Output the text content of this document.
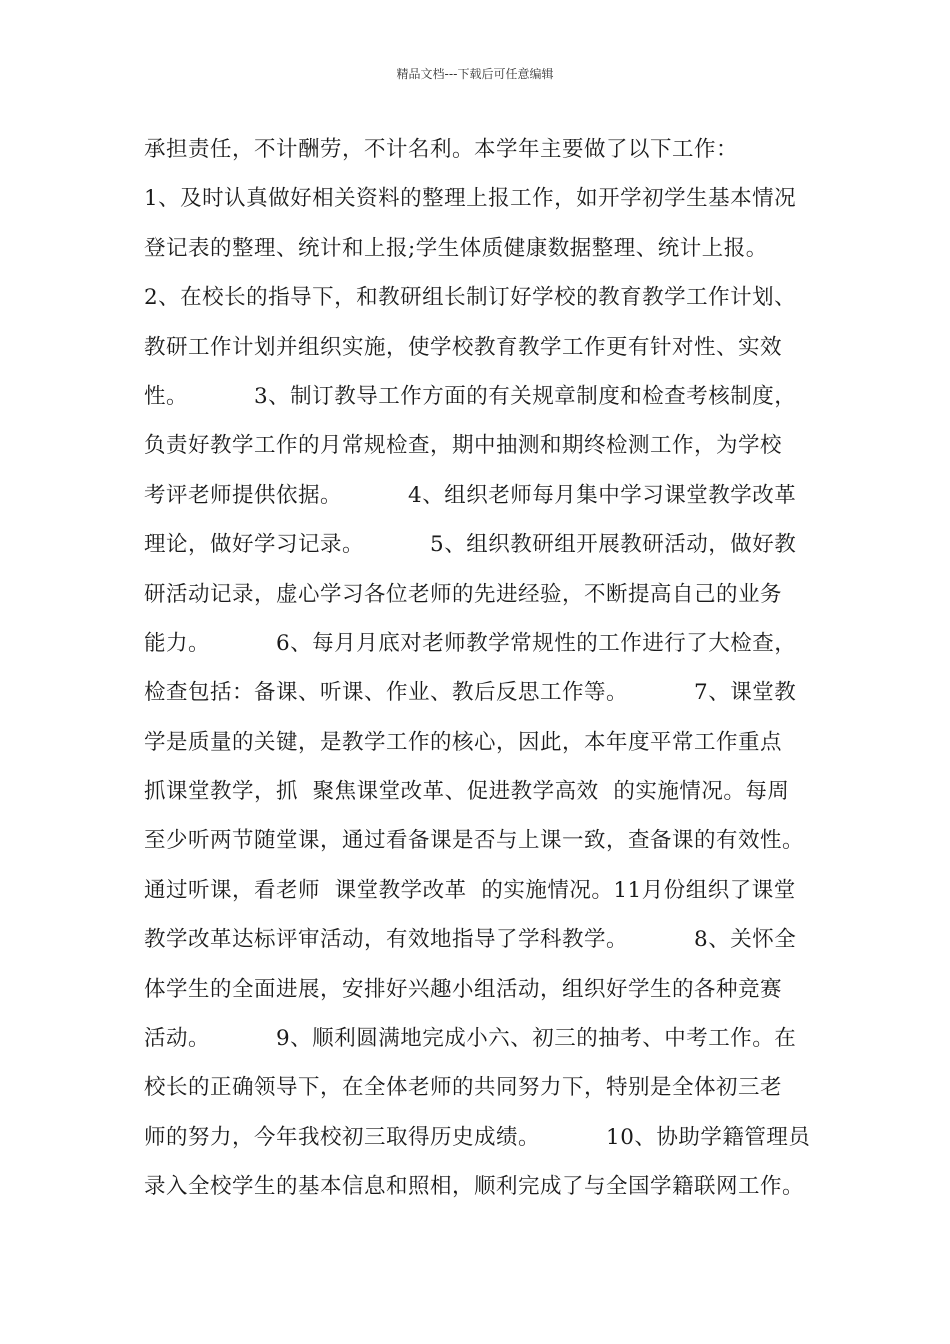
精品文档---下载后可任意编辑
承担责任，不计酬劳，不计名利。本学年主要做了以下工作：
1、及时认真做好相关资料的整理上报工作，如开学初学生基本情况
登记表的整理、统计和上报;学生体质健康数据整理、统计上报。
2、在校长的指导下，和教研组长制订好学校的教育教学工作计划、
教研工作计划并组织实施，使学校教育教学工作更有针对性、实效
性。         3、制订教导工作方面的有关规章制度和检查考核制度，
负责好教学工作的月常规检查，期中抽测和期终检测工作，为学校
考评老师提供依据。         4、组织老师每月集中学习课堂教学改革
理论，做好学习记录。         5、组织教研组开展教研活动，做好教
研活动记录，虚心学习各位老师的先进经验，不断提高自己的业务
能力。         6、每月月底对老师教学常规性的工作进行了大检查，
检查包括：备课、听课、作业、教后反思工作等。         7、课堂教
学是质量的关键，是教学工作的核心，因此，本年度平常工作重点
抓课堂教学，抓  聚焦课堂改革、促进教学高效  的实施情况。每周
至少听两节随堂课，通过看备课是否与上课一致，查备课的有效性。
通过听课，看老师  课堂教学改革  的实施情况。11月份组织了课堂
教学改革达标评审活动，有效地指导了学科教学。         8、关怀全
体学生的全面进展，安排好兴趣小组活动，组织好学生的各种竞赛
活动。         9、顺利圆满地完成小六、初三的抽考、中考工作。在
校长的正确领导下，在全体老师的共同努力下，特别是全体初三老
师的努力，今年我校初三取得历史成绩。         10、协助学籍管理员
录入全校学生的基本信息和照相，顺利完成了与全国学籍联网工作。
